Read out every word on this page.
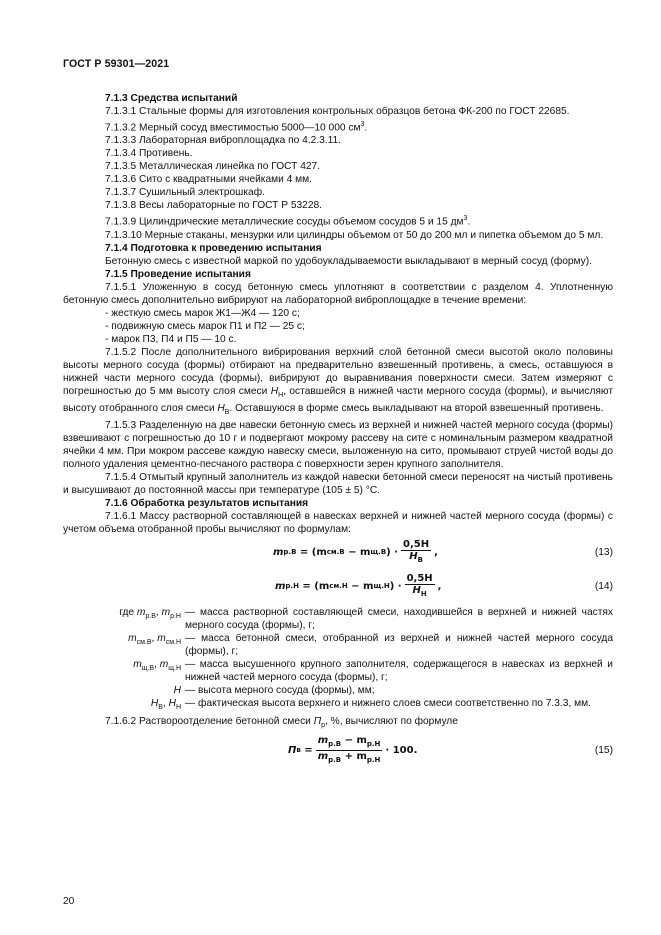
ГОСТ Р 59301—2021

7.1.3 Средства испытаний

7.1.3.1 Стальные формы для изготовления контрольных образцов бетона ФК-200 по ГОСТ 22685.

7.1.3.2 Мерный сосуд вместимостью 5000—10 000 $см^3$.

7.1.3.3 Лабораторная виброплощадка по 4.2.3.11.

7.1.3.4 Противень.

7.1.3.5 Металлическая линейка по ГОСТ 427.

7.1.3.6 Сито с квадратными ячейками 4 мм.

7.1.3.7 Сушильный электрошкаф.

7.1.3.8 Весы лабораторные по ГОСТ Р 53228.

7.1.3.9 Цилиндрические металлические сосуды объемом сосудов 5 и 15 $дм^3$.

7.1.3.10 Мерные стаканы, мензурки или цилиндры объемом от 50 до 200 мл и пипетка объемом до 5 мл.

7.1.4 Подготовка к проведению испытания

Бетонную смесь с известной маркой по удобоукладываемости выкладывают в мерный сосуд (форму).

7.1.5 Проведение испытания

7.1.5.1 Уложенную в сосуд бетонную смесь уплотняют в соответствии с разделом 4. Уплотненную бетонную смесь дополнительно вибрируют на лабораторной виброплощадке в течение времени:

- жесткую смесь марок Ж1—Ж4 — 120 с;

- подвижную смесь марок П1 и П2 — 25 с;

- марок П3, П4 и П5 — 10 с.

7.1.5.2 После дополнительного вибрирования верхний слой бетонной смеси высотой около половины высоты мерного сосуда (формы) отбирают на предварительно взвешенный противень, а смесь, оставшуюся в нижней части мерного сосуда (формы), вибрируют до выравнивания поверхности смеси. Затем измеряют с погрешностью до 5 мм высоту слоя смеси $H_Н$, оставшейся в нижней части мерного сосуда (формы), и вычисляют высоту отобранного слоя смеси $H_В$. Оставшуюся в форме смесь выкладывают на второй взвешенный противень.

7.1.5.3 Разделенную на две навески бетонную смесь из верхней и нижней частей мерного сосуда (формы) взвешивают с погрешностью до 10 г и подвергают мокрому рассеву на сите с номинальным размером квадратной ячейки 4 мм. При мокром рассеве каждую навеску смеси, выложенную на сито, промывают струей чистой воды до полного удаления цементно-песчаного раствора с поверхности зерен крупного заполнителя.

7.1.5.4 Отмытый крупный заполнитель из каждой навески бетонной смеси переносят на чистый противень и высушивают до постоянной массы при температуре (105 ± 5) °С.

7.1.6 Обработка результатов испытания

7.1.6.1 Массу растворной составляющей в навесках верхней и нижней частей мерного сосуда (формы) с учетом объема отобранной пробы вычисляют по формулам:

m р.В = (m см.В − m щ.В ) · $\frac{0,5H}{H_В}$ ,	(13)
m р.Н = (m см.Н − m щ.Н ) · $\frac{0,5H}{H_Н}$ ,	(14)
где $m_{р.В}$, $m_{р.Н}$ — масса растворной составляющей смеси, находившейся в верхней и нижней частях мерного сосуда (формы), г;
$m_{см.В}$, $m_{см.Н}$ — масса бетонной смеси, отобранной из верхней и нижней частей мерного сосуда (формы), г;
$m_{щ.В}$, $m_{щ.Н}$ — масса высушенного крупного заполнителя, содержащегося в навесках из верхней и нижней частей мерного сосуда (формы), г;
H — высота мерного сосуда (формы), мм;
$H_В$, $H_Н$ — фактическая высота верхнего и нижнего слоев смеси соответственно по 7.3.3, мм.

7.1.6.2 Раствороотделение бетонной смеси $П_р$, %, вычисляют по формуле

П $в = \frac{m_{р.В} - m_{р.Н}}{m_{р.В} + m_{р.Н}} \cdot 100$.	(15)
20
